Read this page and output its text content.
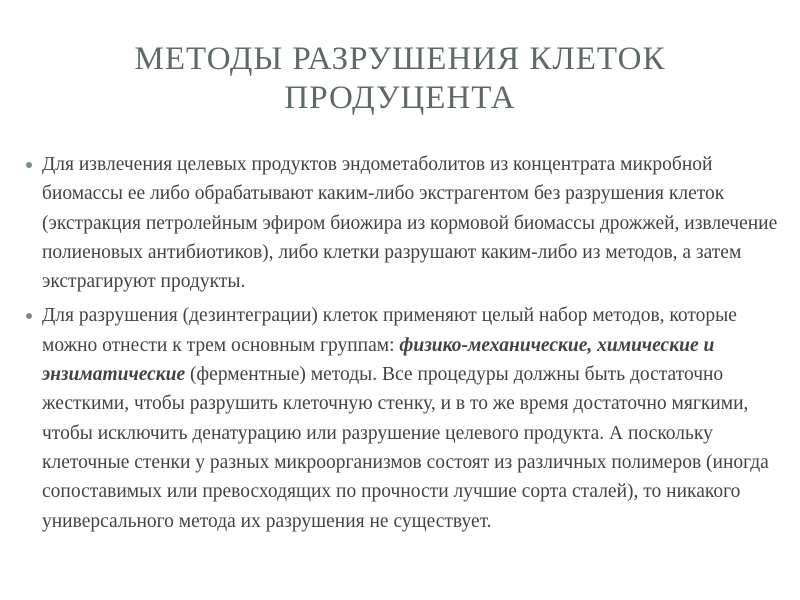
МЕТОДЫ РАЗРУШЕНИЯ КЛЕТОК
ПРОДУЦЕНТА
Для извлечения целевых продуктов эндометаболитов из концентрата микробной биомассы ее либо обрабатывают каким-либо экстрагентом без разрушения клеток (экстракция петролейным эфиром биожира из кормовой биомассы дрожжей, извлечение полиеновых антибиотиков), либо клетки разрушают каким-либо из методов, а затем экстрагируют продукты.
Для разрушения (дезинтеграции) клеток применяют целый набор методов, которые можно отнести к трем основным группам: физико-механические, химические и энзиматические (ферментные) методы. Все процедуры должны быть достаточно жесткими, чтобы разрушить клеточную стенку, и в то же время достаточно мягкими, чтобы исключить денатурацию или разрушение целевого продукта. А поскольку клеточные стенки у разных микроорганизмов состоят из различных полимеров (иногда сопоставимых или превосходящих по прочности лучшие сорта сталей), то никакого универсального метода их разрушения не существует.
